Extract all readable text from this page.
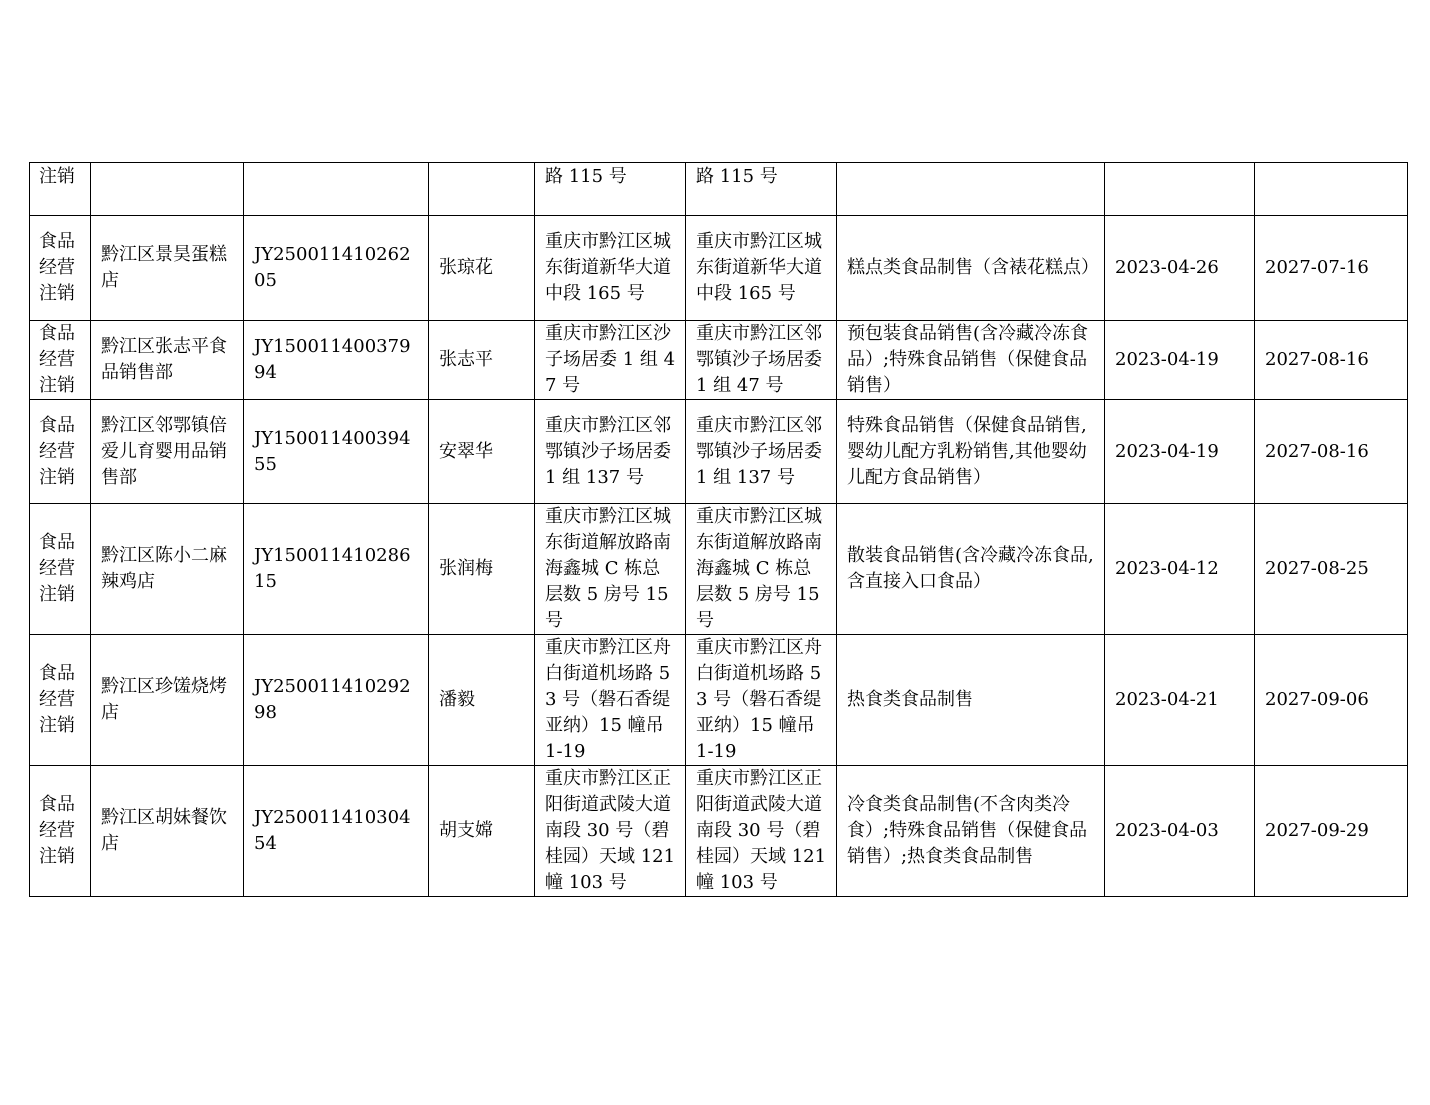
注销				路 115 号	路 115 号			
食品经营注销	黔江区景昊蛋糕店	JY25001141026205	张琼花	重庆市黔江区城东街道新华大道中段 165 号	重庆市黔江区城东街道新华大道中段 165 号	糕点类食品制售（含裱花糕点）	2023-04-26	2027-07-16
食品经营注销	黔江区张志平食品销售部	JY15001140037994	张志平	重庆市黔江区沙子场居委 1 组 47 号	重庆市黔江区邻鄂镇沙子场居委 1 组 47 号	预包装食品销售(含冷藏冷冻食品）;特殊食品销售（保健食品销售）	2023-04-19	2027-08-16
食品经营注销	黔江区邻鄂镇倍爱儿育婴用品销售部	JY15001140039455	安翠华	重庆市黔江区邻鄂镇沙子场居委 1 组 137 号	重庆市黔江区邻鄂镇沙子场居委 1 组 137 号	特殊食品销售（保健食品销售,婴幼儿配方乳粉销售,其他婴幼儿配方食品销售）	2023-04-19	2027-08-16
食品经营注销	黔江区陈小二麻辣鸡店	JY15001141028615	张润梅	重庆市黔江区城东街道解放路南海鑫城 C 栋总层数 5 房号 15 号	重庆市黔江区城东街道解放路南海鑫城 C 栋总层数 5 房号 15 号	散装食品销售(含冷藏冷冻食品,含直接入口食品）	2023-04-12	2027-08-25
食品经营注销	黔江区珍馐烧烤店	JY25001141029298	潘毅	重庆市黔江区舟白街道机场路 53 号（磐石香缇亚纳）15 幢吊 1-19	重庆市黔江区舟白街道机场路 53 号（磐石香缇亚纳）15 幢吊 1-19	热食类食品制售	2023-04-21	2027-09-06
食品经营注销	黔江区胡妹餐饮店	JY25001141030454	胡支嫦	重庆市黔江区正阳街道武陵大道南段 30 号（碧桂园）天域 121 幢 103 号	重庆市黔江区正阳街道武陵大道南段 30 号（碧桂园）天域 121 幢 103 号	冷食类食品制售(不含肉类冷食）;特殊食品销售（保健食品销售）;热食类食品制售	2023-04-03	2027-09-29
